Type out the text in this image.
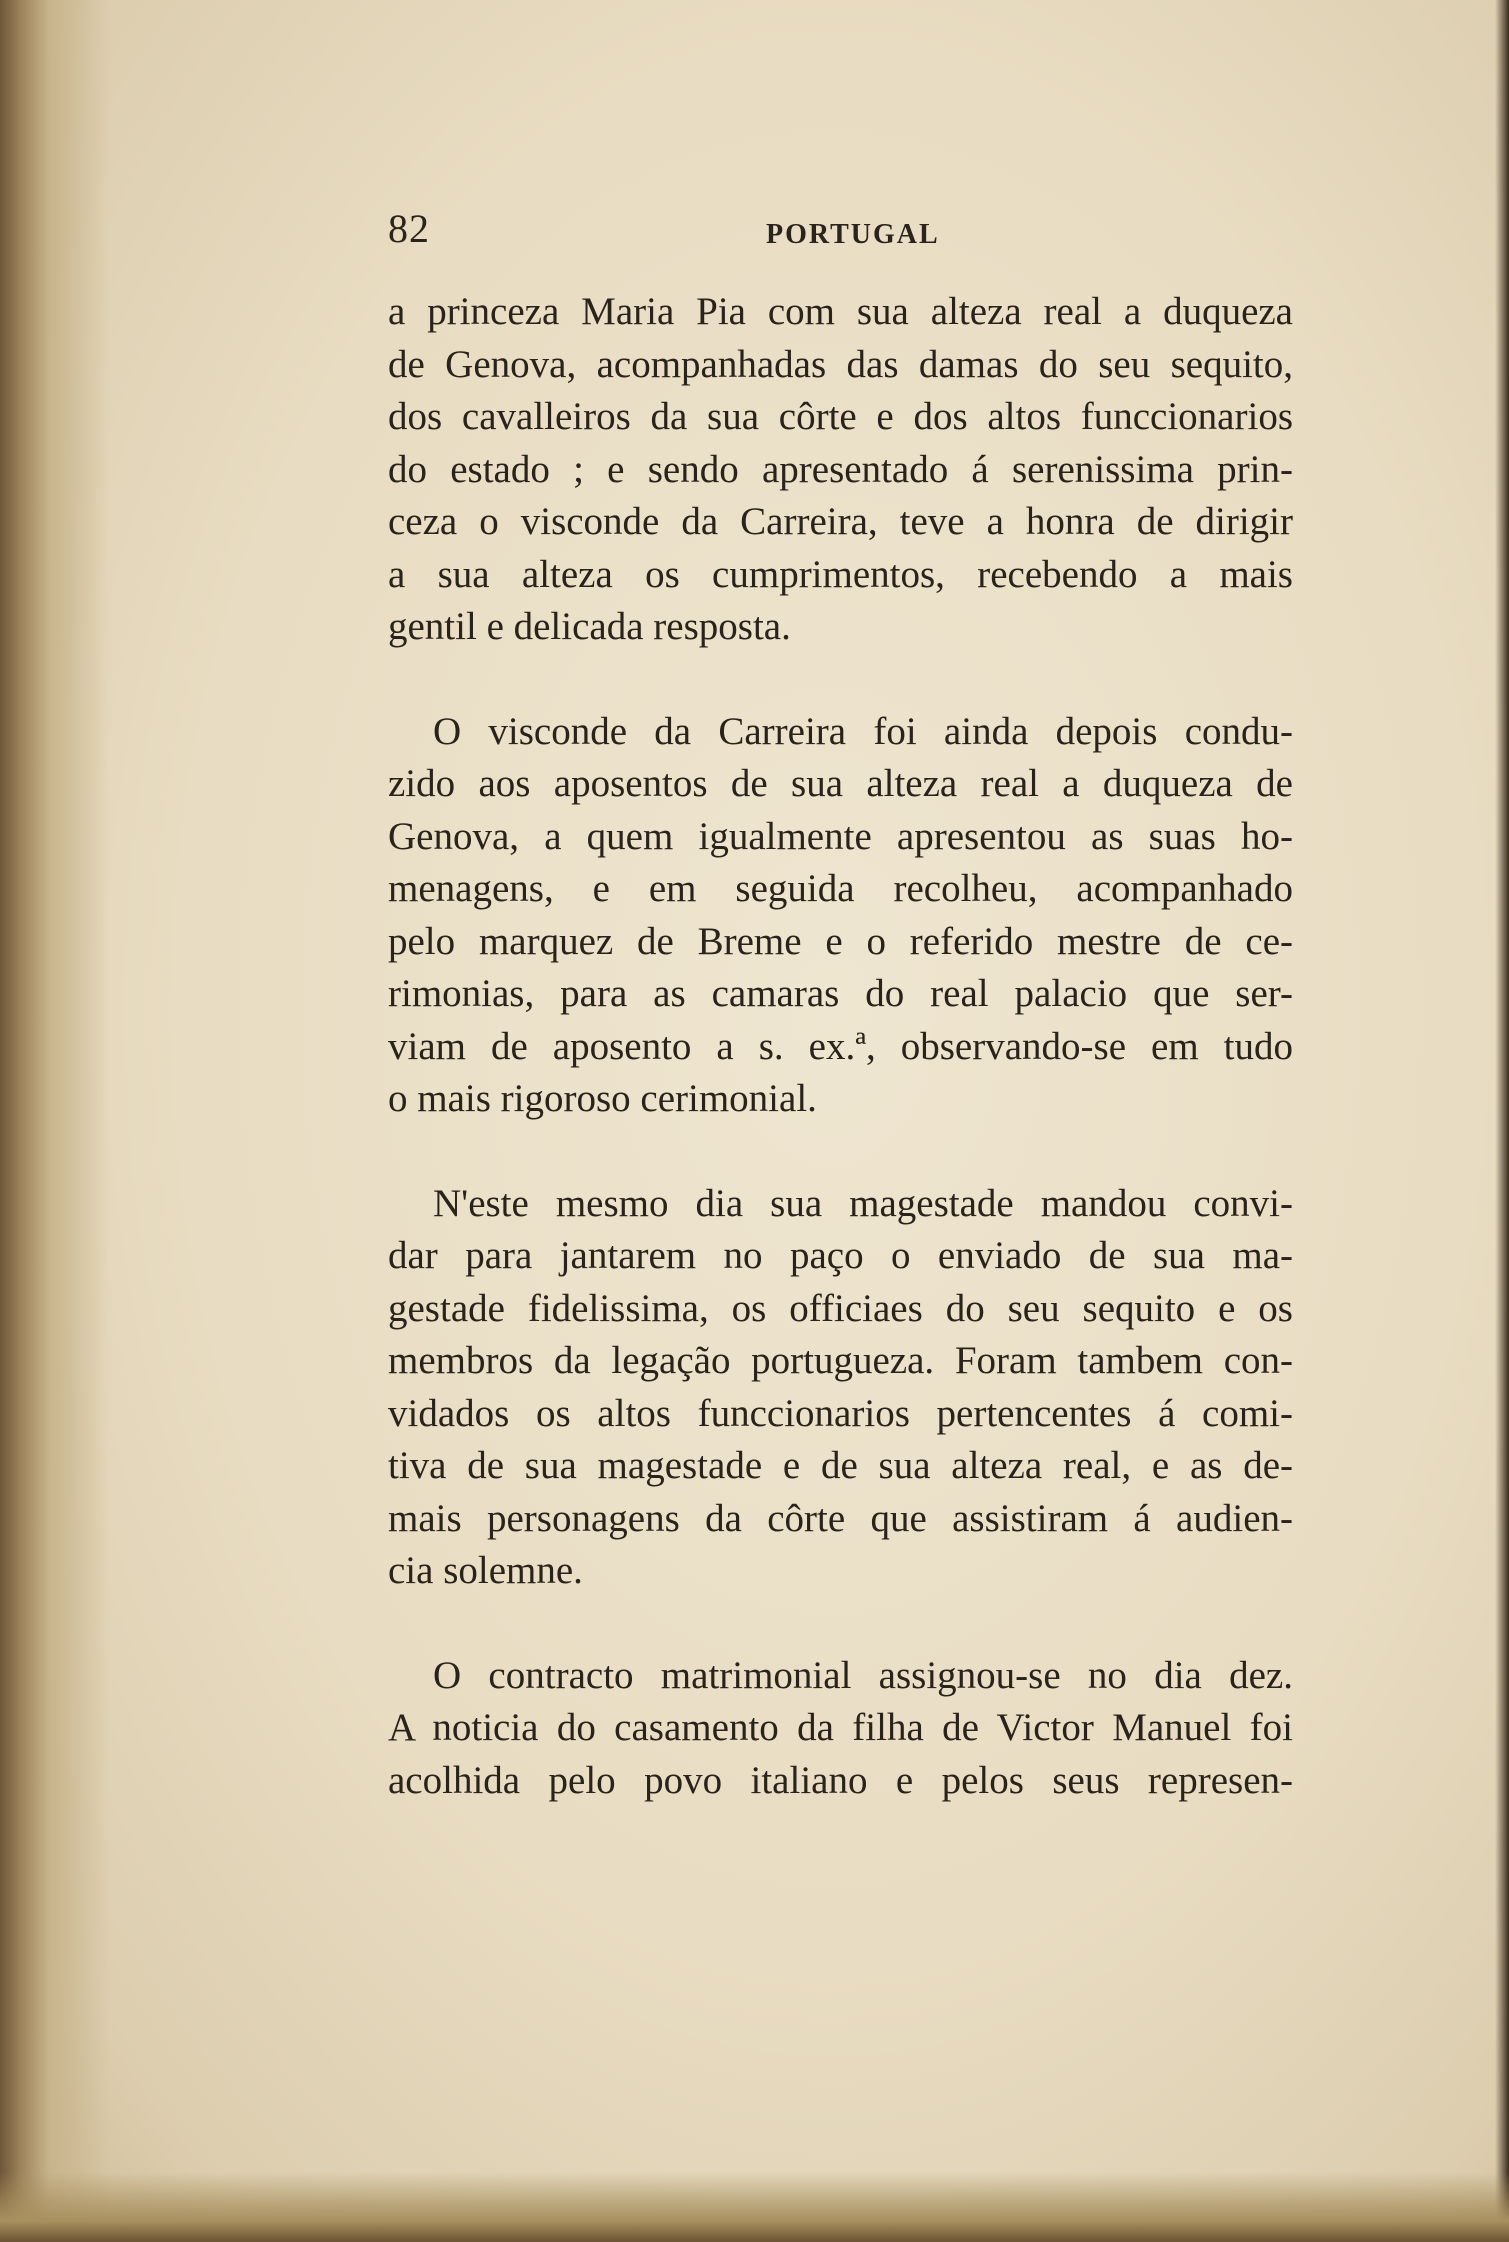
82	PORTUGAL

a princeza Maria Pia com sua alteza real a duqueza
de Genova, acompanhadas das damas do seu sequito,
dos cavalleiros da sua côrte e dos altos funccionarios
do estado ; e sendo apresentado á serenissima prin-
ceza o visconde da Carreira, teve a honra de dirigir
a sua alteza os cumprimentos, recebendo a mais
gentil e delicada resposta.

O visconde da Carreira foi ainda depois condu-
zido aos aposentos de sua alteza real a duqueza de
Genova, a quem igualmente apresentou as suas ho-
menagens, e em seguida recolheu, acompanhado
pelo marquez de Breme e o referido mestre de ce-
rimonias, para as camaras do real palacio que ser-
viam de aposento a s. ex.ª, observando-se em tudo
o mais rigoroso cerimonial.

N'este mesmo dia sua magestade mandou convi-
dar para jantarem no paço o enviado de sua ma-
gestade fidelissima, os officiaes do seu sequito e os
membros da legação portugueza. Foram tambem con-
vidados os altos funccionarios pertencentes á comi-
tiva de sua magestade e de sua alteza real, e as de-
mais personagens da côrte que assistiram á audien-
cia solemne.

O contracto matrimonial assignou-se no dia dez.
A noticia do casamento da filha de Victor Manuel foi
acolhida pelo povo italiano e pelos seus represen-
